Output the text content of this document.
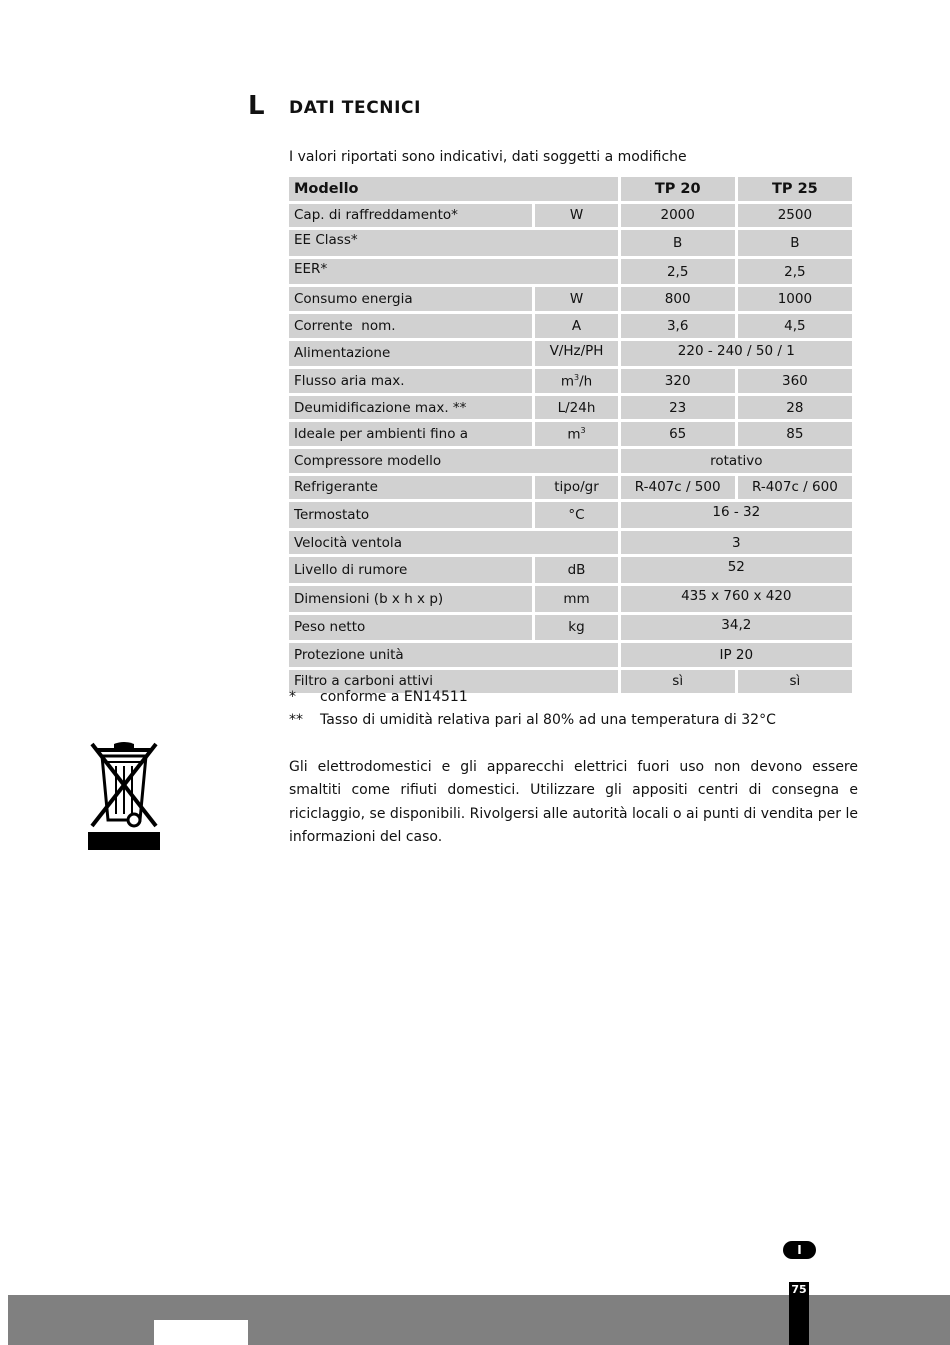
L DATI TECNICI
I valori riportati sono indicativi, dati soggetti a modifiche
Modello		TP 20	TP 25
Cap. di raffreddamento*	W	2000	2500
EE Class*		B	B
EER*		2,5	2,5
Consumo energia	W	800	1000
Corrente  nom.	A	3,6	4,5
Alimentazione	V/Hz/PH	220 - 240 / 50 / 1	
Flusso aria max.	$m^3/h$	320	360
Deumidificazione max. **	L/24h	23	28
Ideale per ambienti fino a	$m^3$	65	85
Compressore modello		rotativo	
Refrigerante	tipo/gr	R-407c / 500	R-407c / 600
Termostato	°C	16 - 32	
Velocità ventola		3	
Livello di rumore	dB	52	
Dimensioni (b x h x p)	mm	435 x 760 x 420	
Peso netto	kg	34,2	
Protezione unità		IP 20	
Filtro a carboni attivi		sì	sì
*	conforme a EN14511
**	Tasso di umidità relativa pari al 80% ad una temperatura di 32°C
Gli elettrodomestici e gli apparecchi elettrici fuori uso non devono essere smaltiti come rifiuti domestici. Utilizzare gli appositi centri di consegna e riciclaggio, se disponibili. Rivolgersi alle autorità locali o ai punti di vendita per le informazioni del caso.
I
75
